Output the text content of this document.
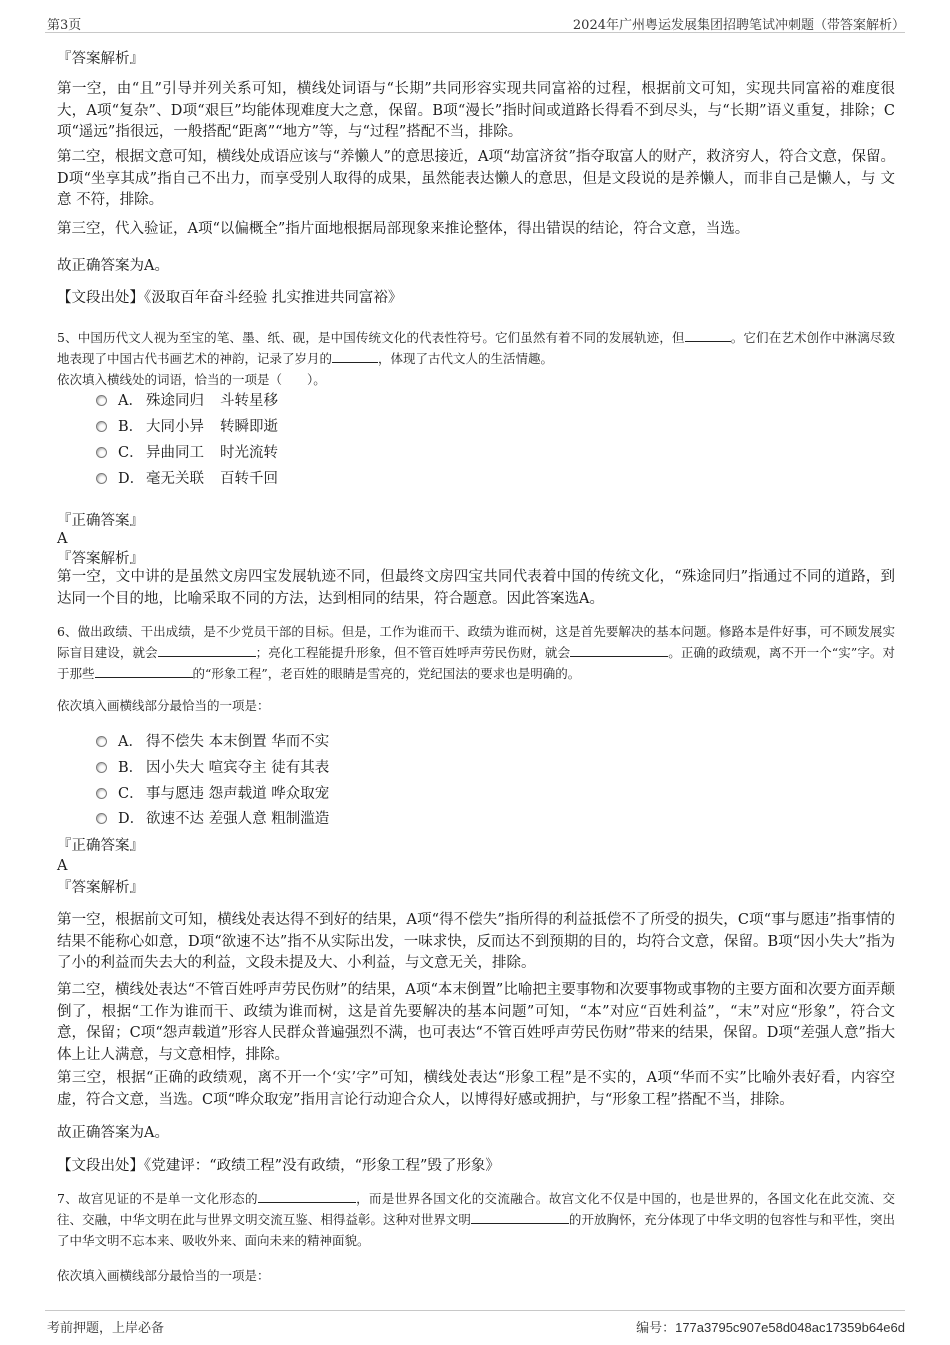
第3页	2024年广州粤运发展集团招聘笔试冲刺题（带答案解析）
『答案解析』

第一空，由“且”引导并列关系可知，横线处词语与“长期”共同形容实现共同富裕的过程，根据前文可知，实现共同富裕的难度很大，A项“复杂”、D项“艰巨”均能体现难度大之意，保留。B项“漫长”指时间或道路长得看不到尽头，与“长期”语义重复，排除；C项“遥远”指很远，一般搭配“距离”“地方”等，与“过程”搭配不当，排除。

第二空，根据文意可知，横线处成语应该与“养懒人”的意思接近，A项“劫富济贫”指夺取富人的财产，救济穷人，符合文意，保留。D项“坐享其成”指自己不出力，而享受别人取得的成果，虽然能表达懒人的意思，但是文段说的是养懒人，而非自己是懒人，与 文意 不符，排除。

第三空，代入验证，A项“以偏概全”指片面地根据局部现象来推论整体，得出错误的结论，符合文意，当选。

故正确答案为A。
【文段出处】《汲取百年奋斗经验 扎实推进共同富裕》

5、中国历代文人视为至宝的笔、墨、纸、砚，是中国传统文化的代表性符号。它们虽然有着不同的发展轨迹，但	。它们在艺术创作中淋漓尽致地表现了中国古代书画艺术的神韵，记录了岁月的	，体现了古代文人的生活情趣。

依次填入横线处的词语，恰当的一项是（　　）。
A． 殊途同归 斗转星移
B． 大同小异 转瞬即逝
C． 异曲同工 时光流转
D． 毫无关联 百转千回
『正确答案』
A
『答案解析』

第一空，文中讲的是虽然文房四宝发展轨迹不同，但最终文房四宝共同代表着中国的传统文化，“殊途同归”指通过不同的道路，到达同一个目的地，比喻采取不同的方法，达到相同的结果，符合题意。因此答案选A。

6、做出政绩、干出成绩，是不少党员干部的目标。但是，工作为谁而干、政绩为谁而树，这是首先要解决的基本问题。修路本是件好事，可不顾发展实际盲目建设，就会	；亮化工程能提升形象，但不管百姓呼声劳民伤财，就会	。正确的政绩观，离不开一个“实”字。对于那些	的“形象工程”，老百姓的眼睛是雪亮的，党纪国法的要求也是明确的。

依次填入画横线部分最恰当的一项是：
A． 得不偿失 本末倒置 华而不实
B． 因小失大 喧宾夺主 徒有其表
C． 事与愿违 怨声载道 哗众取宠
D． 欲速不达 差强人意 粗制滥造
『正确答案』
A
『答案解析』

第一空，根据前文可知，横线处表达得不到好的结果，A项“得不偿失”指所得的利益抵偿不了所受的损失，C项“事与愿违”指事情的结果不能称心如意，D项“欲速不达”指不从实际出发，一味求快，反而达不到预期的目的，均符合文意，保留。B项“因小失大”指为了小的利益而失去大的利益，文段未提及大、小利益，与文意无关，排除。

第二空，横线处表达“不管百姓呼声劳民伤财”的结果，A项“本末倒置”比喻把主要事物和次要事物或事物的主要方面和次要方面弄颠倒了，根据“工作为谁而干、政绩为谁而树，这是首先要解决的基本问题”可知，“本”对应“百姓利益”，“末”对应“形象”，符合文意，保留；C项“怨声载道”形容人民群众普遍强烈不满，也可表达“不管百姓呼声劳民伤财”带来的结果，保留。D项“差强人意”指大体上让人满意，与文意相悖，排除。

第三空，根据“正确的政绩观，离不开一个‘实’字”可知，横线处表达“形象工程”是不实的，A项“华而不实”比喻外表好看，内容空虚，符合文意，当选。C项“哗众取宠”指用言论行动迎合众人，以博得好感或拥护，与“形象工程”搭配不当，排除。

故正确答案为A。
【文段出处】《党建评：“政绩工程”没有政绩，“形象工程”毁了形象》

7、故宫见证的不是单一文化形态的	，而是世界各国文化的交流融合。故宫文化不仅是中国的，也是世界的，各国文化在此交流、交往、交融，中华文明在此与世界文明交流互鉴、相得益彰。这种对世界文明	的开放胸怀，充分体现了中华文明的包容性与和平性，突出了中华文明不忘本来、吸收外来、面向未来的精神面貌。

依次填入画横线部分最恰当的一项是：
考前押题，上岸必备	编号：177a3795c907e58d048ac17359b64e6d
